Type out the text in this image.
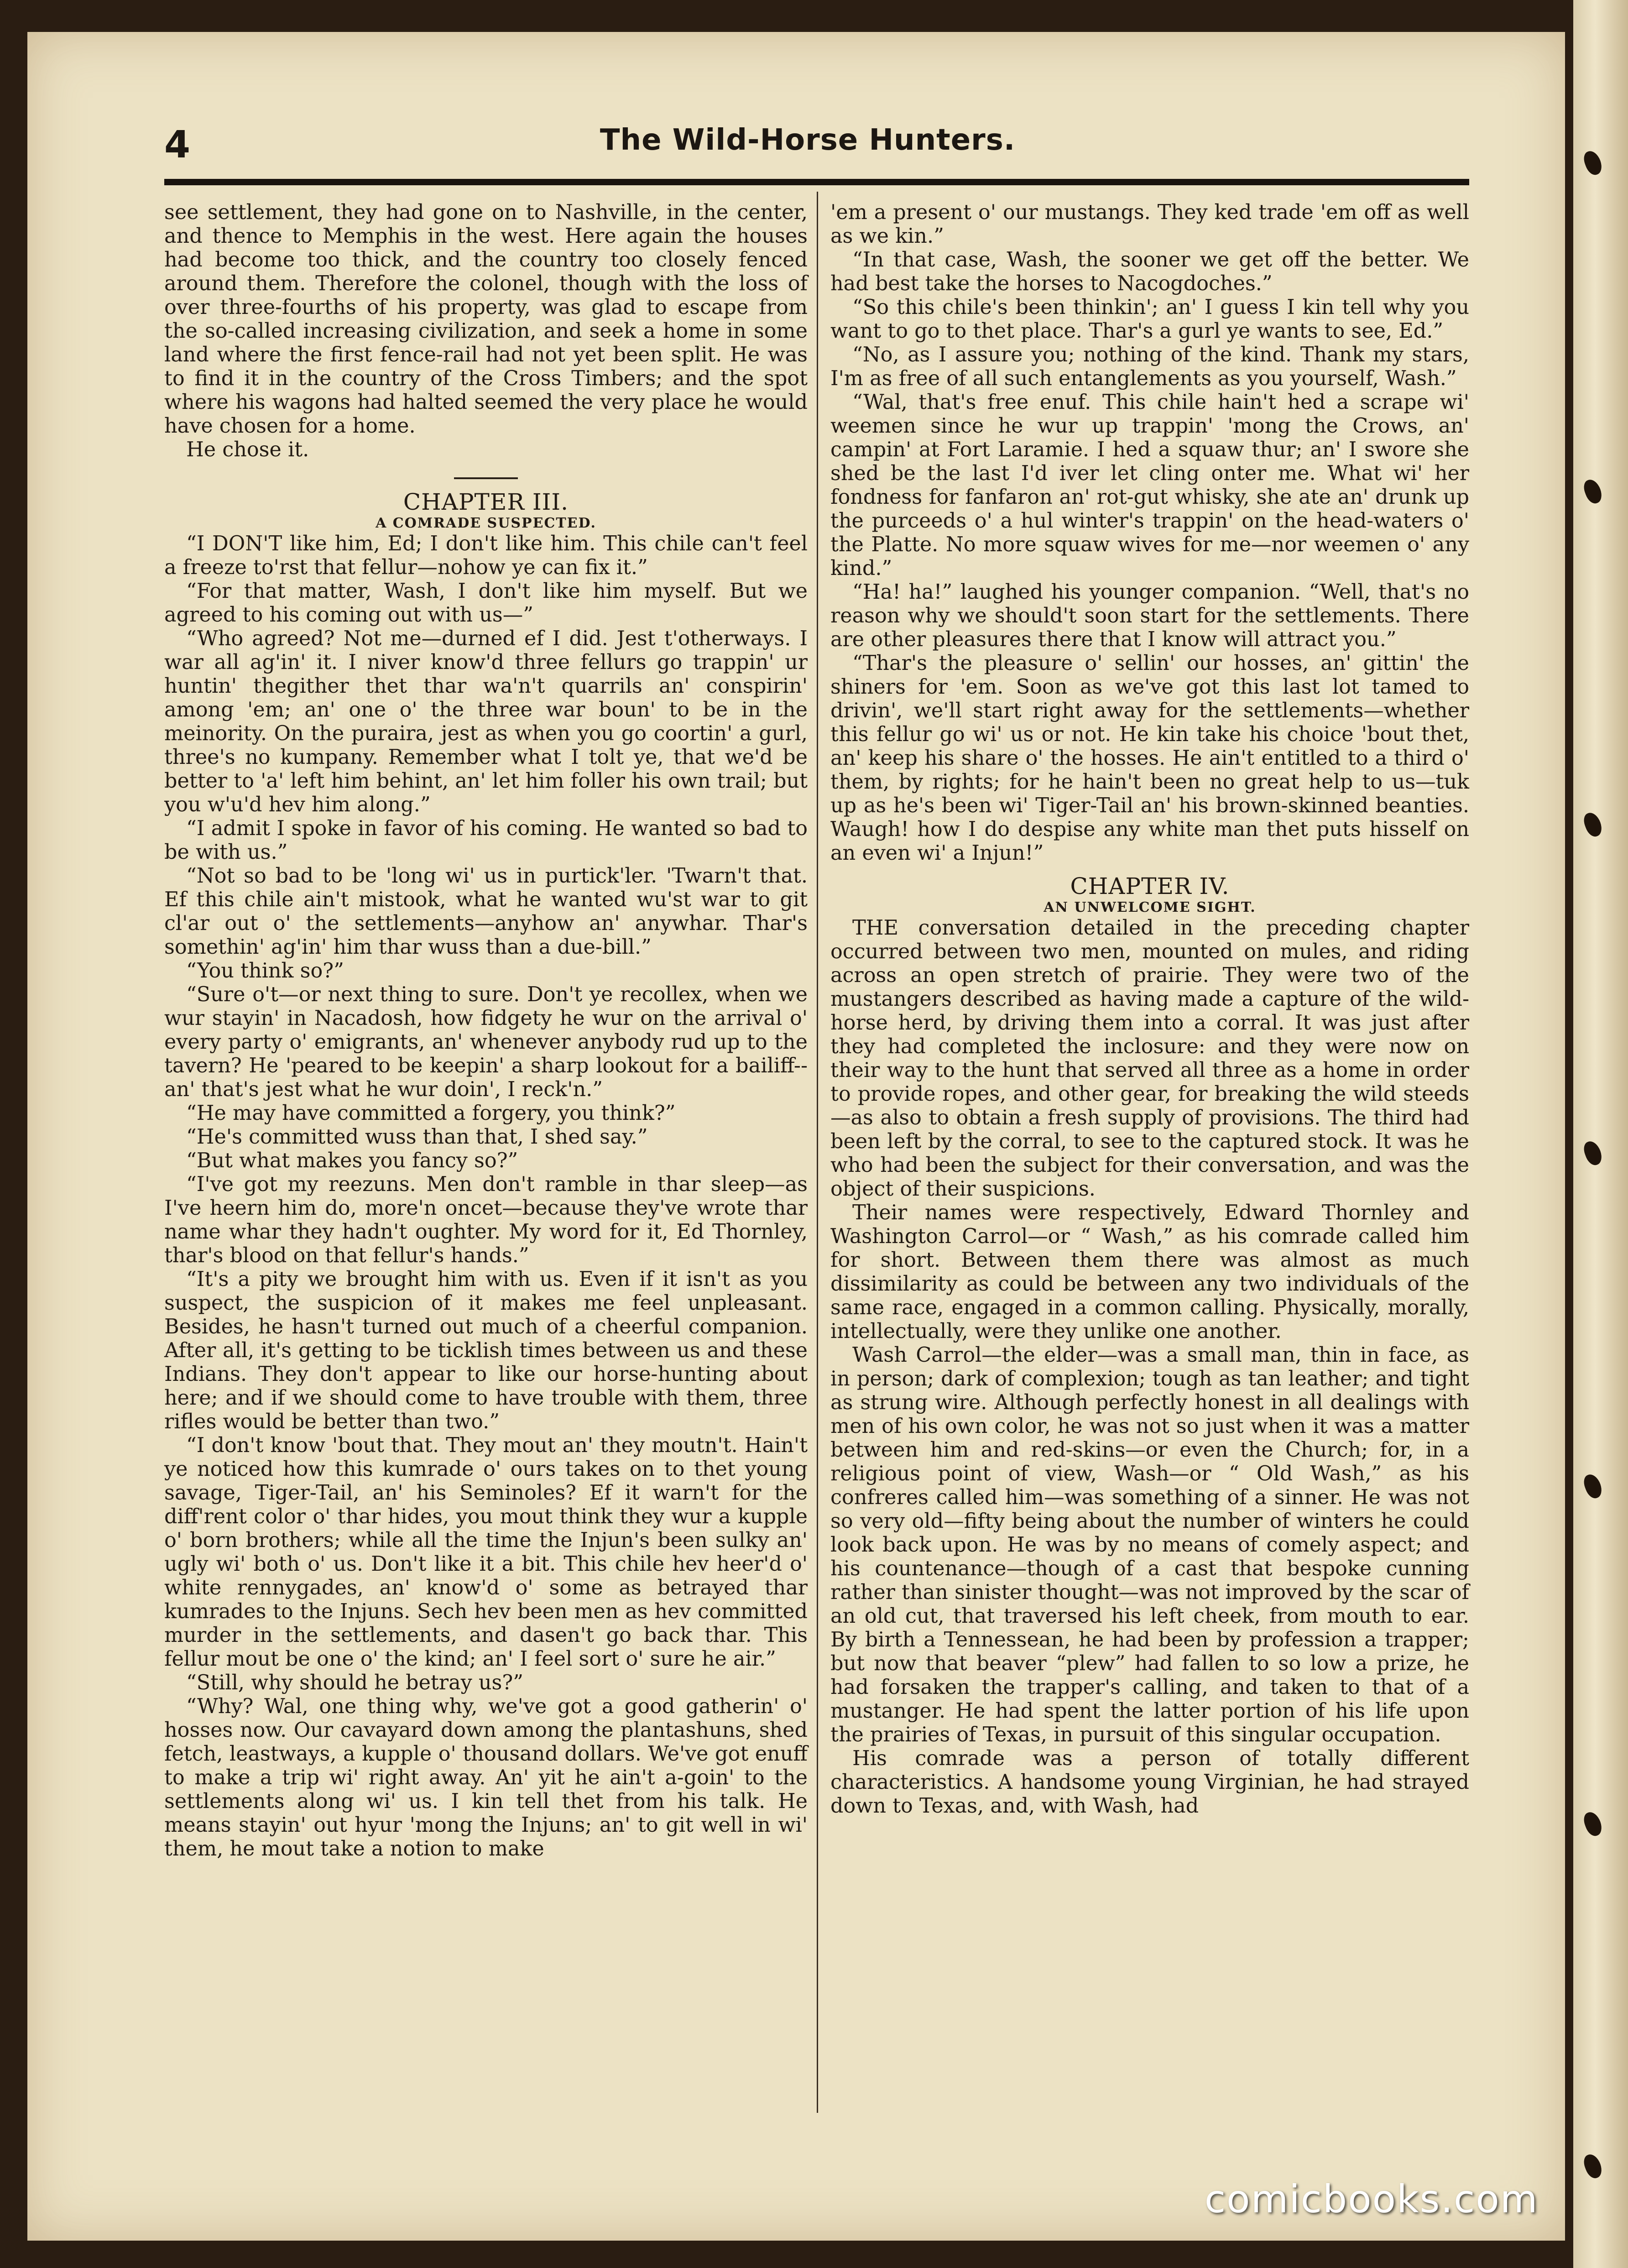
4	The Wild-Horse Hunters.

see settlement, they had gone on to Nashville, in the center, and thence to Memphis in the west. Here again the houses had become too thick, and the country too closely fenced around them. Therefore the colonel, though with the loss of over three-fourths of his property, was glad to escape from the so-called increasing civilization, and seek a home in some land where the first fence-rail had not yet been split. He was to find it in the country of the Cross Timbers; and the spot where his wagons had halted seemed the very place he would have chosen for a home.

He chose it.

CHAPTER III.
A COMRADE SUSPECTED.

“I DON'T like him, Ed; I don't like him. This chile can't feel a freeze to'rst that fellur—nohow ye can fix it.”

“For that matter, Wash, I don't like him myself. But we agreed to his coming out with us—”

“Who agreed? Not me—durned ef I did. Jest t'otherways. I war all ag'in' it. I niver know'd three fellurs go trappin' ur huntin' thegither thet thar wa'n't quarrils an' conspirin' among 'em; an' one o' the three war boun' to be in the meinority. On the puraira, jest as when you go coortin' a gurl, three's no kumpany. Remember what I tolt ye, that we'd be better to 'a' left him behint, an' let him foller his own trail; but you w'u'd hev him along.”

“I admit I spoke in favor of his coming. He wanted so bad to be with us.”

“Not so bad to be 'long wi' us in purtick'ler. 'Twarn't that. Ef this chile ain't mistook, what he wanted wu'st war to git cl'ar out o' the settlements—anyhow an' anywhar. Thar's somethin' ag'in' him thar wuss than a due-bill.”

“You think so?”

“Sure o't—or next thing to sure. Don't ye recollex, when we wur stayin' in Nacadosh, how fidgety he wur on the arrival o' every party o' emigrants, an' whenever anybody rud up to the tavern? He 'peared to be keepin' a sharp lookout for a bailiff--an' that's jest what he wur doin', I reck'n.”

“He may have committed a forgery, you think?”

“He's committed wuss than that, I shed say.”

“But what makes you fancy so?”

“I've got my reezuns. Men don't ramble in thar sleep—as I've heern him do, more'n oncet—because they've wrote thar name whar they hadn't oughter. My word for it, Ed Thornley, thar's blood on that fellur's hands.”

“It's a pity we brought him with us. Even if it isn't as you suspect, the suspicion of it makes me feel unpleasant. Besides, he hasn't turned out much of a cheerful companion. After all, it's getting to be ticklish times between us and these Indians. They don't appear to like our horse-hunting about here; and if we should come to have trouble with them, three rifles would be better than two.”

“I don't know 'bout that. They mout an' they moutn't. Hain't ye noticed how this kumrade o' ours takes on to thet young savage, Tiger-Tail, an' his Seminoles? Ef it warn't for the diff'rent color o' thar hides, you mout think they wur a kupple o' born brothers; while all the time the Injun's been sulky an' ugly wi' both o' us. Don't like it a bit. This chile hev heer'd o' white rennygades, an' know'd o' some as betrayed thar kumrades to the Injuns. Sech hev been men as hev committed murder in the settlements, and dasen't go back thar. This fellur mout be one o' the kind; an' I feel sort o' sure he air.”

“Still, why should he betray us?”

“Why? Wal, one thing why, we've got a good gatherin' o' hosses now. Our cavayard down among the plantashuns, shed fetch, leastways, a kupple o' thousand dollars. We've got enuff to make a trip wi' right away. An' yit he ain't a-goin' to the settlements along wi' us. I kin tell thet from his talk. He means stayin' out hyur 'mong the Injuns; an' to git well in wi' them, he mout take a notion to make

'em a present o' our mustangs. They ked trade 'em off as well as we kin.”

“In that case, Wash, the sooner we get off the better. We had best take the horses to Nacogdoches.”

“So this chile's been thinkin'; an' I guess I kin tell why you want to go to thet place. Thar's a gurl ye wants to see, Ed.”

“No, as I assure you; nothing of the kind. Thank my stars, I'm as free of all such entanglements as you yourself, Wash.”

“Wal, that's free enuf. This chile hain't hed a scrape wi' weemen since he wur up trappin' 'mong the Crows, an' campin' at Fort Laramie. I hed a squaw thur; an' I swore she shed be the last I'd iver let cling onter me. What wi' her fondness for fanfaron an' rot-gut whisky, she ate an' drunk up the purceeds o' a hul winter's trappin' on the head-waters o' the Platte. No more squaw wives for me—nor weemen o' any kind.”

“Ha! ha!” laughed his younger companion. “Well, that's no reason why we should't soon start for the settlements. There are other pleasures there that I know will attract you.”

“Thar's the pleasure o' sellin' our hosses, an' gittin' the shiners for 'em. Soon as we've got this last lot tamed to drivin', we'll start right away for the settlements—whether this fellur go wi' us or not. He kin take his choice 'bout thet, an' keep his share o' the hosses. He ain't entitled to a third o' them, by rights; for he hain't been no great help to us—tuk up as he's been wi' Tiger-Tail an' his brown-skinned beanties. Waugh! how I do despise any white man thet puts hisself on an even wi' a Injun!”

CHAPTER IV.
AN UNWELCOME SIGHT.

THE conversation detailed in the preceding chapter occurred between two men, mounted on mules, and riding across an open stretch of prairie. They were two of the mustangers described as having made a capture of the wild-horse herd, by driving them into a corral. It was just after they had completed the inclosure: and they were now on their way to the hunt that served all three as a home in order to provide ropes, and other gear, for breaking the wild steeds—as also to obtain a fresh supply of provisions. The third had been left by the corral, to see to the captured stock. It was he who had been the subject for their conversation, and was the object of their suspicions.

Their names were respectively, Edward Thornley and Washington Carrol—or “ Wash,” as his comrade called him for short. Between them there was almost as much dissimilarity as could be between any two individuals of the same race, engaged in a common calling. Physically, morally, intellectually, were they unlike one another.

Wash Carrol—the elder—was a small man, thin in face, as in person; dark of complexion; tough as tan leather; and tight as strung wire. Although perfectly honest in all dealings with men of his own color, he was not so just when it was a matter between him and red-skins—or even the Church; for, in a religious point of view, Wash—or “ Old Wash,” as his confreres called him—was something of a sinner. He was not so very old—fifty being about the number of winters he could look back upon. He was by no means of comely aspect; and his countenance—though of a cast that bespoke cunning rather than sinister thought—was not improved by the scar of an old cut, that traversed his left cheek, from mouth to ear. By birth a Tennessean, he had been by profession a trapper; but now that beaver “plew” had fallen to so low a prize, he had forsaken the trapper's calling, and taken to that of a mustanger. He had spent the latter portion of his life upon the prairies of Texas, in pursuit of this singular occupation.

His comrade was a person of totally different characteristics. A handsome young Virginian, he had strayed down to Texas, and, with Wash, had

comicbooks.com
